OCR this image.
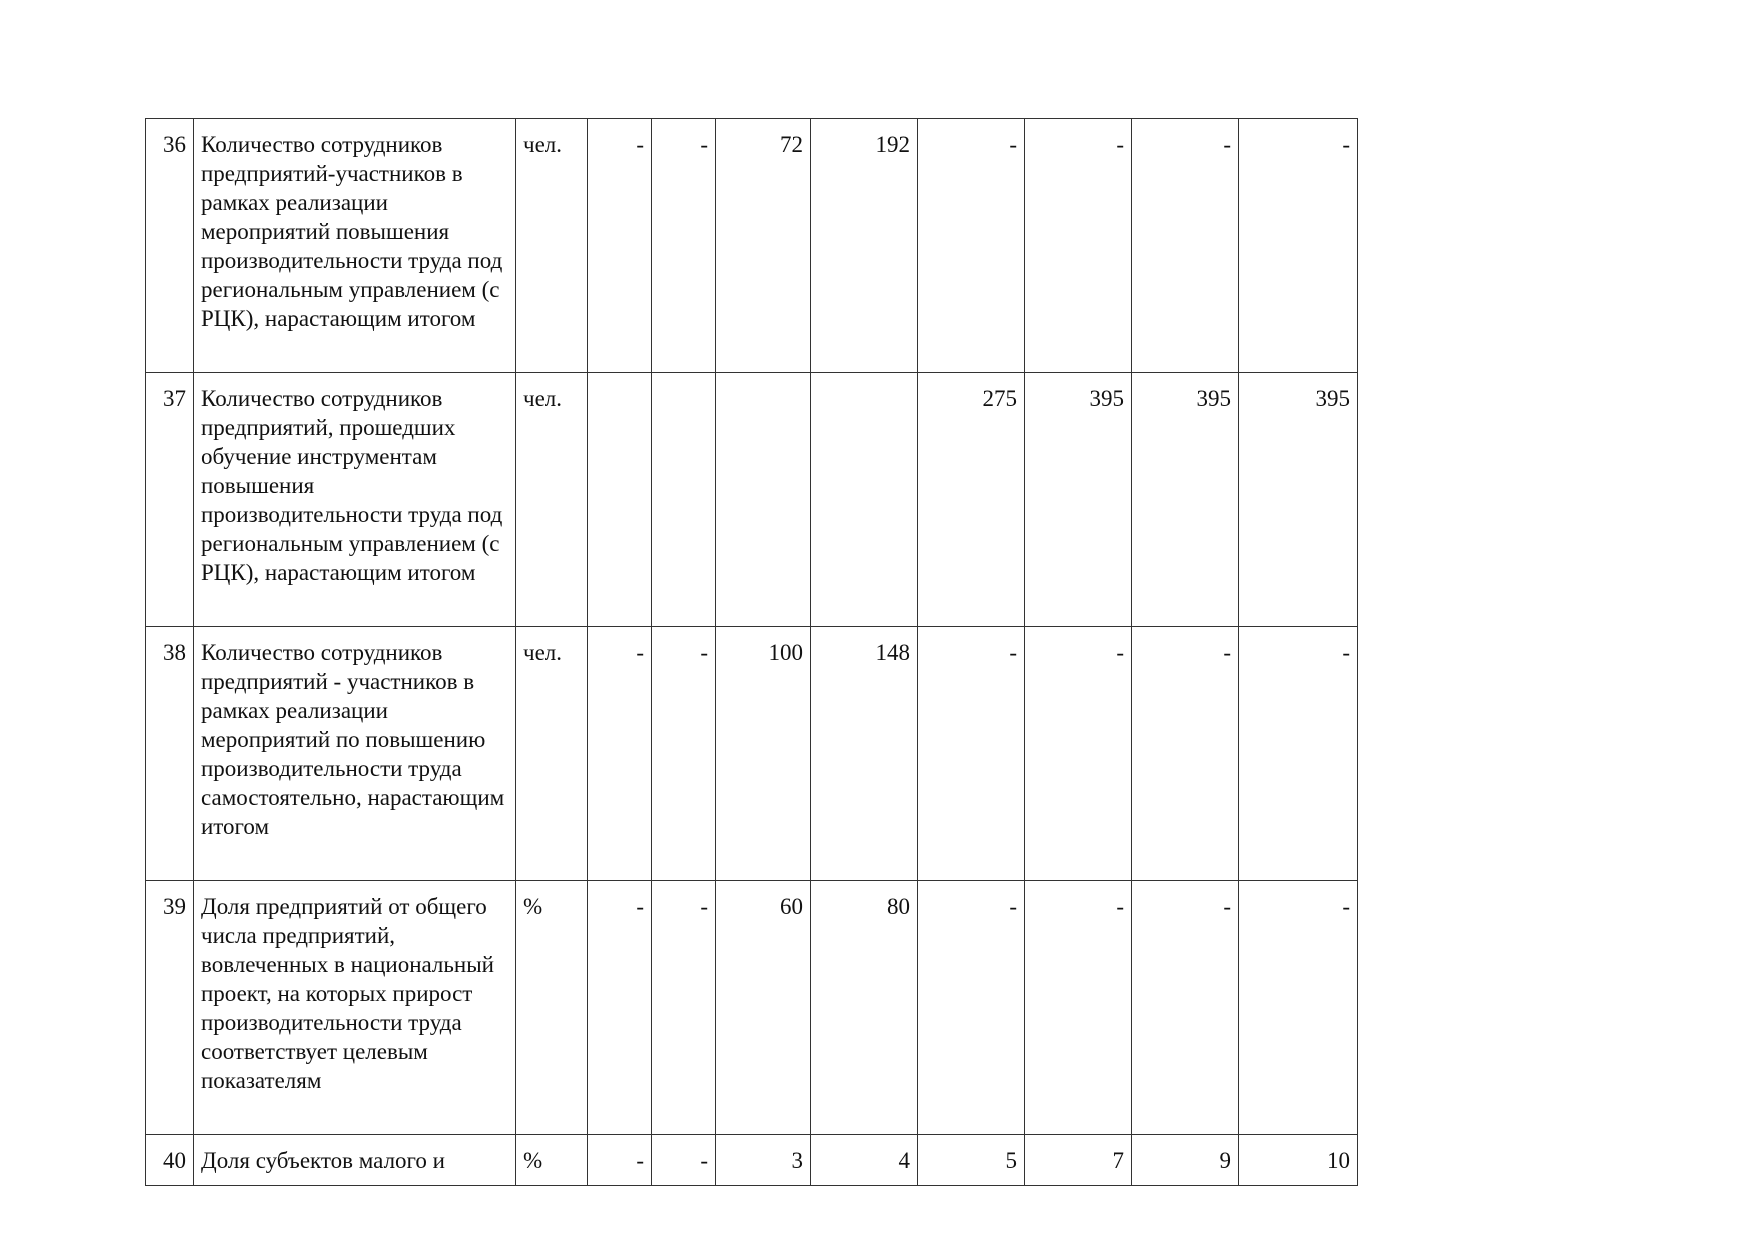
36	Количество сотрудников предприятий-участников в рамках реализации мероприятий повышения производительности труда под региональным управлением (с РЦК), нарастающим итогом	чел.	-	-	72	192	-	-	-	-
37	Количество сотрудников предприятий, прошедших обучение инструментам повышения производительности труда под региональным управлением (с РЦК), нарастающим итогом	чел.					275	395	395	395
38	Количество сотрудников предприятий - участников в рамках реализации мероприятий по повышению производительности труда самостоятельно, нарастающим итогом	чел.	-	-	100	148	-	-	-	-
39	Доля предприятий от общего числа предприятий, вовлеченных в национальный проект, на которых прирост производительности труда соответствует целевым показателям	%	-	-	60	80	-	-	-	-
40	Доля субъектов малого и	%	-	-	3	4	5	7	9	10
